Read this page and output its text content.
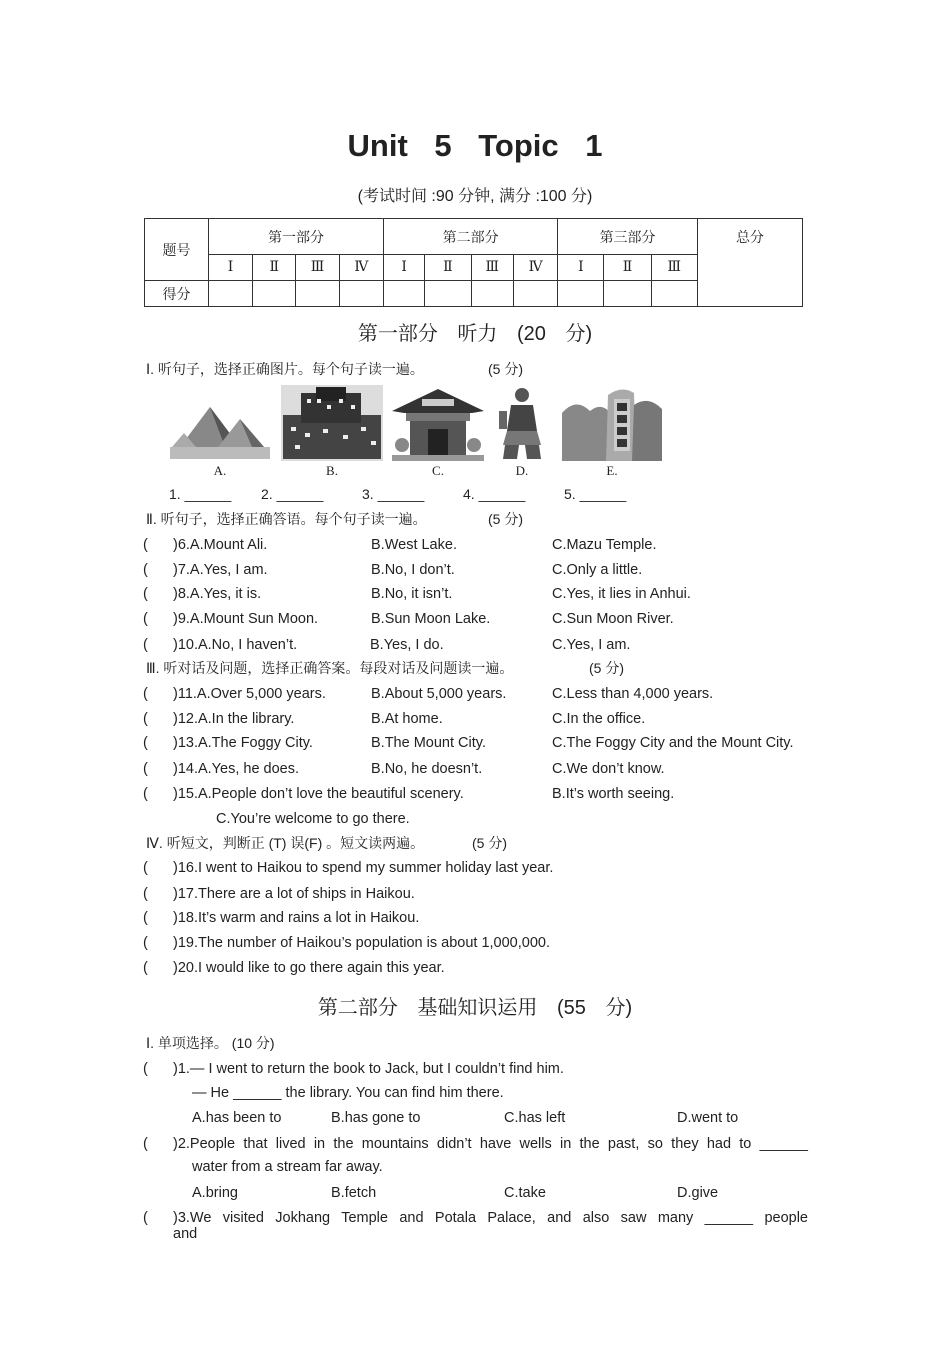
Unit 5 Topic 1
(考试时间 :90 分钟, 满分 :100 分)
题号	第一部分				第二部分				第三部分			总分
	Ⅰ	Ⅱ	Ⅲ	Ⅳ	Ⅰ	Ⅱ	Ⅲ	Ⅳ	Ⅰ	Ⅱ	Ⅲ	
得分												
第一部分 听力 (20 分)
Ⅰ. 听句子，选择正确图片。每个句子读一遍。	(5 分)
A.	B.	C.	D.	E.
1. ______ 2. ______	3. ______	4. ______	5. ______
Ⅱ. 听句子，选择正确答语。每个句子读一遍。	(5 分)
( )6.A.Mount Ali.	B.West Lake.	C.Mazu Temple.
( )7.A.Yes, I am.	B.No, I don’t.	C.Only a little.
( )8.A.Yes, it is.	B.No, it isn’t.	C.Yes, it lies in Anhui.
( )9.A.Mount Sun Moon.	B.Sun Moon Lake.	C.Sun Moon River.
( )10.A.No, I haven’t.	B.Yes, I do.	C.Yes, I am.
Ⅲ. 听对话及问题，选择正确答案。每段对话及问题读一遍。	(5 分)
( )11.A.Over 5,000 years.	B.About 5,000 years.	C.Less than 4,000 years.
( )12.A.In the library.	B.At home.	C.In the office.
( )13.A.The Foggy City.	B.The Mount City.	C.The Foggy City and the Mount City.
( )14.A.Yes, he does.	B.No, he doesn’t.	C.We don’t know.
( )15.A.People don’t love the beautiful scenery.	B.It’s worth seeing.
C.You’re welcome to go there.
Ⅳ. 听短文，判断正 (T) 误(F) 。短文读两遍。	(5 分)
( )16.I went to Haikou to spend my summer holiday last year.
( )17.There are a lot of ships in Haikou.
( )18.It’s warm and rains a lot in Haikou.
( )19.The number of Haikou’s population is about 1,000,000.
( )20.I would like to go there again this year.
第二部分 基础知识运用 (55 分)
Ⅰ. 单项选择。 (10 分)
( )1.— I went to return the book to Jack, but I couldn’t find him.
— He ______ the library. You can find him there.
A.has been to	B.has gone to	C.has left	D.went to
( )2.People that lived in the mountains didn’t have wells in the past, so they had to ______
water from a stream far away.
A.bring	B.fetch	C.take	D.give
( )3.We visited Jokhang Temple and Potala Palace, and also saw many ______ people and
